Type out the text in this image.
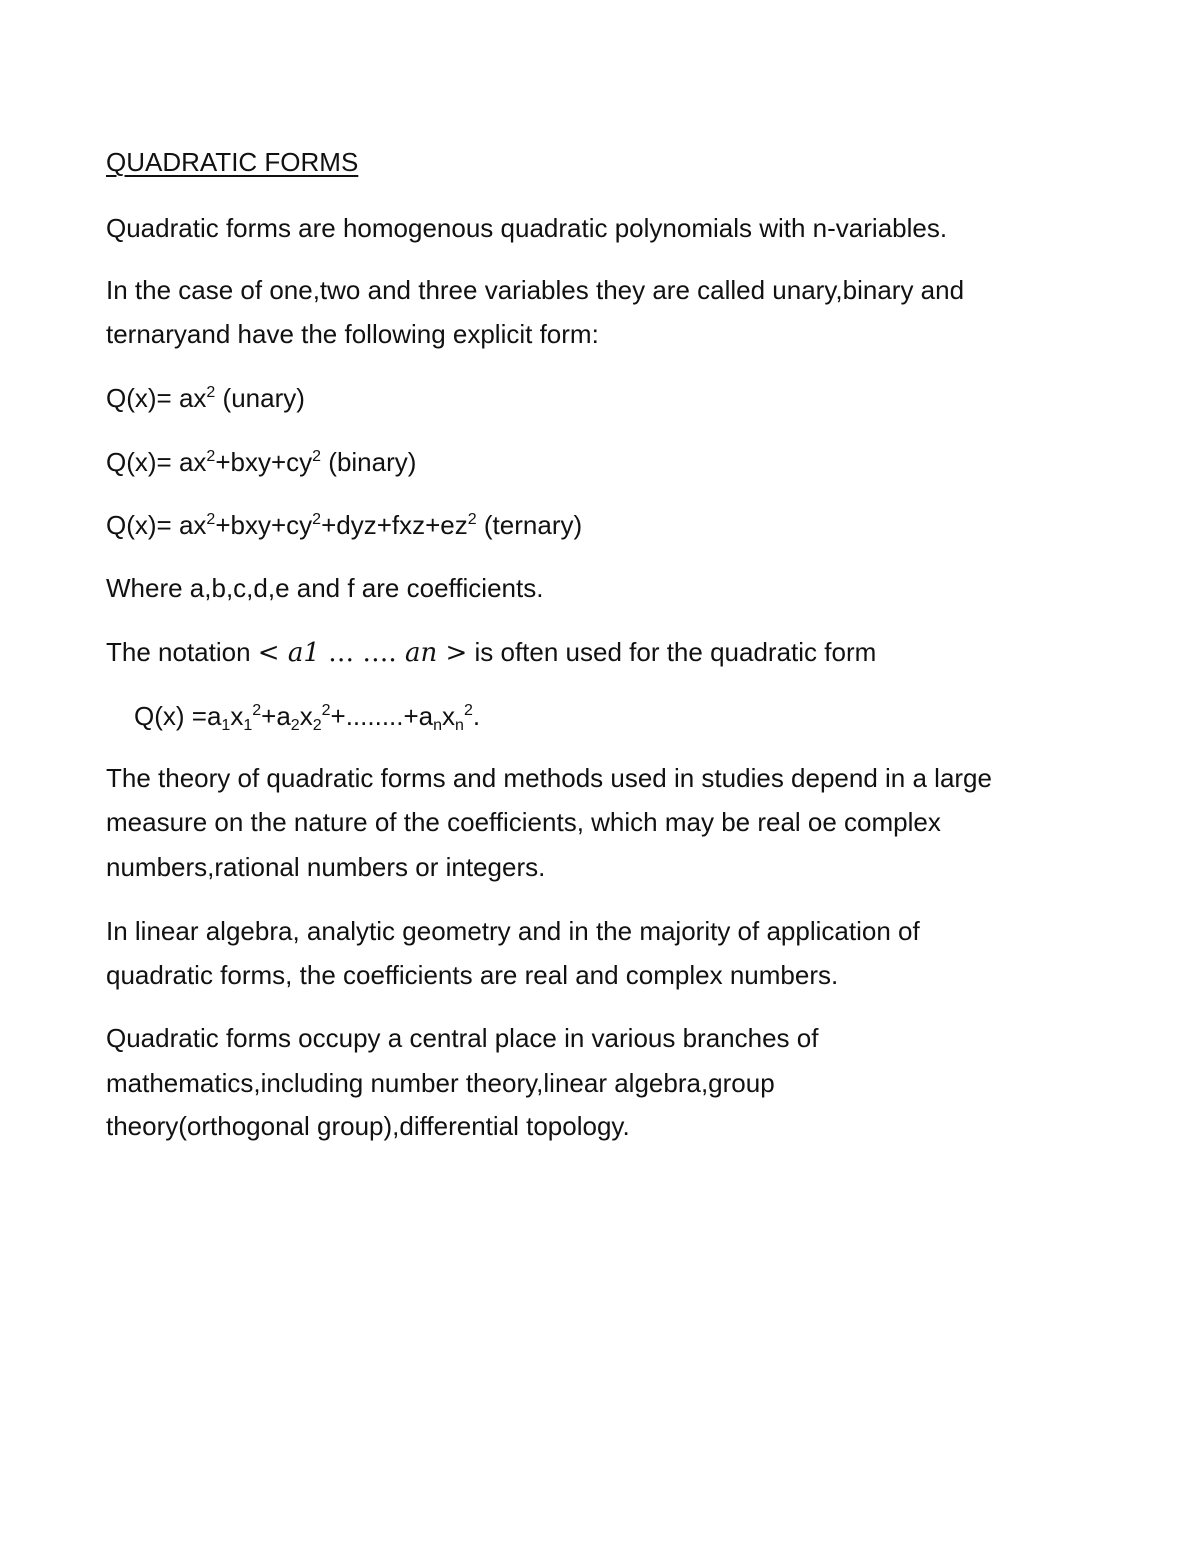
QUADRATIC FORMS

Quadratic forms are homogenous quadratic polynomials with n-variables.

In the case of one,two and three variables they are called unary,binary and

ternaryand have the following explicit form:

$Q(x)= ax^2$ (unary)

$Q(x)= ax^2+bxy+cy^2$ (binary)

$Q(x)= ax^2+bxy+cy^2+dyz+fxz+ez^2$ (ternary)

Where a,b,c,d,e and f are coefficients.

The notation < a1 … …. an > is often used for the quadratic form

$Q(x) =a_1x_1^2+a_2x_2^2+........+a_nx_n^2$.

The theory of quadratic forms and methods used in studies depend in a large

measure on the nature of the coefficients, which may be real oe complex

numbers,rational numbers or integers.

In linear algebra, analytic geometry and in the majority of application of

quadratic forms, the coefficients are real and complex numbers.

Quadratic forms occupy a central place in various branches of

mathematics,including number theory,linear algebra,group

theory(orthogonal group),differential topology.
